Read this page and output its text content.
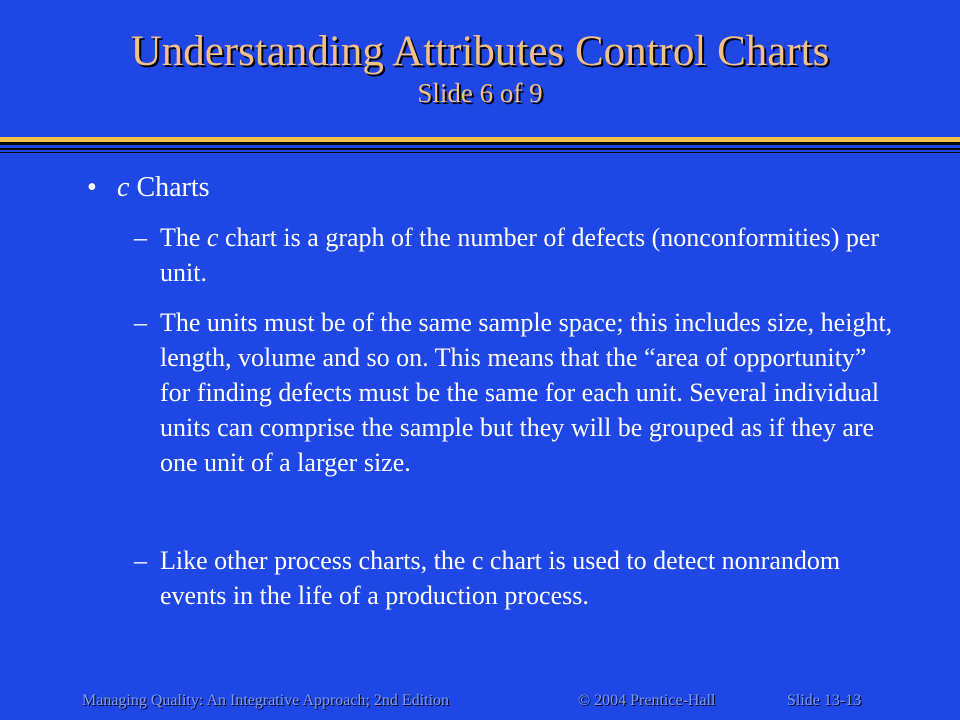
Understanding Attributes Control Charts
Slide 6 of 9
• c Charts
– The c chart is a graph of the number of defects (nonconformities) per unit.
– The units must be of the same sample space; this includes size, height, length, volume and so on. This means that the “area of opportunity” for finding defects must be the same for each unit. Several individual units can comprise the sample but they will be grouped as if they are one unit of a larger size.
– Like other process charts, the c chart is used to detect nonrandom events in the life of a production process.
Managing Quality: An Integrative Approach; 2nd Edition	© 2004 Prentice-Hall	Slide 13-13
